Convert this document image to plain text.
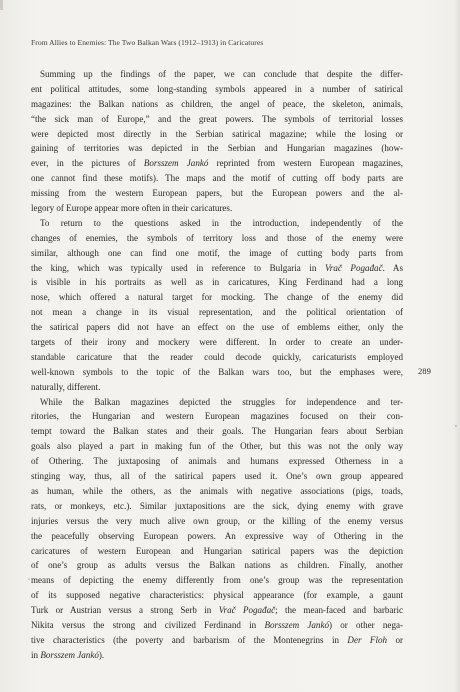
From Allies to Enemies: The Two Balkan Wars (1912–1913) in Caricatures
Summing up the findings of the paper, we can conclude that despite the differ-
ent political attitudes, some long-standing symbols appeared in a number of satirical
magazines: the Balkan nations as children, the angel of peace, the skeleton, animals,
“the sick man of Europe,” and the great powers. The symbols of territorial losses
were depicted most directly in the Serbian satirical magazine; while the losing or
gaining of territories was depicted in the Serbian and Hungarian magazines (how-
ever, in the pictures of Borsszem Jankó reprinted from western European magazines,
one cannot find these motifs). The maps and the motif of cutting off body parts are
missing from the western European papers, but the European powers and the al-
legory of Europe appear more often in their caricatures.
To return to the questions asked in the introduction, independently of the
changes of enemies, the symbols of territory loss and those of the enemy were
similar, although one can find one motif, the image of cutting body parts from
the king, which was typically used in reference to Bulgaria in Vrač Pogađač. As
is visible in his portraits as well as in caricatures, King Ferdinand had a long
nose, which offered a natural target for mocking. The change of the enemy did
not mean a change in its visual representation, and the political orientation of
the satirical papers did not have an effect on the use of emblems either, only the
targets of their irony and mockery were different. In order to create an under-
standable caricature that the reader could decode quickly, caricaturists employed
well-known symbols to the topic of the Balkan wars too, but the emphases were,
naturally, different.
While the Balkan magazines depicted the struggles for independence and ter-
ritories, the Hungarian and western European magazines focused on their con-
tempt toward the Balkan states and their goals. The Hungarian fears about Serbian
goals also played a part in making fun of the Other, but this was not the only way
of Othering. The juxtaposing of animals and humans expressed Otherness in a
stinging way, thus, all of the satirical papers used it. One’s own group appeared
as human, while the others, as the animals with negative associations (pigs, toads,
rats, or monkeys, etc.). Similar juxtapositions are the sick, dying enemy with grave
injuries versus the very much alive own group, or the killing of the enemy versus
the peacefully observing European powers. An expressive way of Othering in the
caricatures of western European and Hungarian satirical papers was the depiction
of one’s group as adults versus the Balkan nations as children. Finally, another
means of depicting the enemy differently from one’s group was the representation
of its supposed negative characteristics: physical appearance (for example, a gaunt
Turk or Austrian versus a strong Serb in Vrač Pogađač; the mean-faced and barbaric
Nikita versus the strong and civilized Ferdinand in Borsszem Jankó) or other nega-
tive characteristics (the poverty and barbarism of the Montenegrins in Der Floh or
in Borsszem Jankó).
289
